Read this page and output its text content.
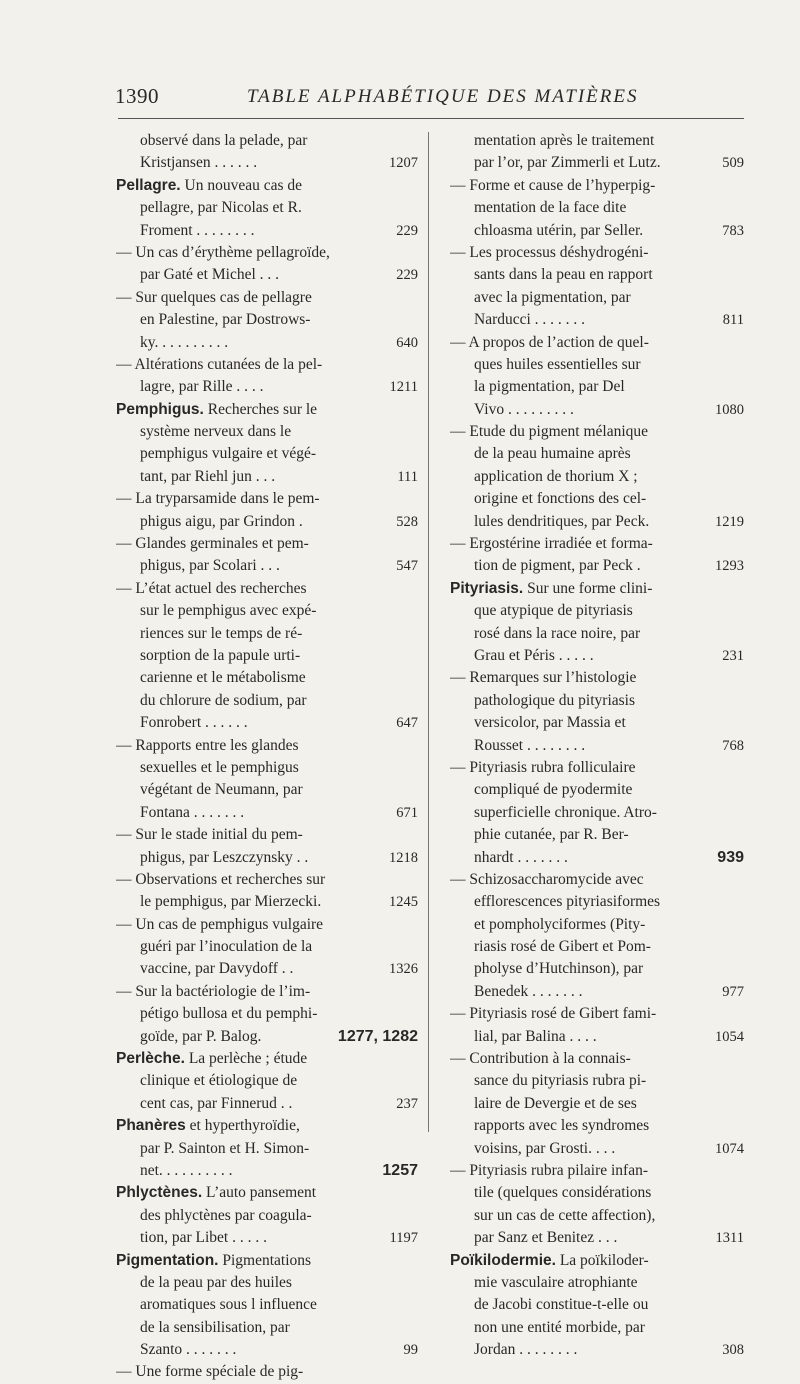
1390	TABLE ALPHABÉTIQUE DES MATIÈRES
observé dans la pelade, par
Kristjansen . . . . . .	1207
Pellagre. Un nouveau cas de
pellagre, par Nicolas et R.
Froment . . . . . . . .	229
— Un cas d’érythème pellagroïde,
par Gaté et Michel . . .	229
— Sur quelques cas de pellagre
en Palestine, par Dostrows-
ky. . . . . . . . . .	640
— Altérations cutanées de la pel-
lagre, par Rille . . . .	1211
Pemphigus. Recherches sur le
système nerveux dans le
pemphigus vulgaire et végé-
tant, par Riehl jun . . .	111
— La tryparsamide dans le pem-
phigus aigu, par Grindon .	528
— Glandes germinales et pem-
phigus, par Scolari . . .	547
— L’état actuel des recherches
sur le pemphigus avec expé-
riences sur le temps de ré-
sorption de la papule urti-
carienne et le métabolisme
du chlorure de sodium, par
Fonrobert . . . . . .	647
— Rapports entre les glandes
sexuelles et le pemphigus
végétant de Neumann, par
Fontana . . . . . . .	671
— Sur le stade initial du pem-
phigus, par Leszczynsky . .	1218
— Observations et recherches sur
le pemphigus, par Mierzecki.	1245
— Un cas de pemphigus vulgaire
guéri par l’inoculation de la
vaccine, par Davydoff . .	1326
— Sur la bactériologie de l’im-
pétigo bullosa et du pemphi-
goïde, par P. Balog.	1277, 1282
Perlèche. La perlèche ; étude
clinique et étiologique de
cent cas, par Finnerud . .	237
Phanères et hyperthyroïdie,
par P. Sainton et H. Simon-
net. . . . . . . . . .	1257
Phlyctènes. L’auto pansement
des phlyctènes par coagula-
tion, par Libet . . . . .	1197
Pigmentation. Pigmentations
de la peau par des huiles
aromatiques sous l influence
de la sensibilisation, par
Szanto . . . . . . .	99
— Une forme spéciale de pig-
mentation après le traitement
par l’or, par Zimmerli et Lutz.	509
— Forme et cause de l’hyperpig-
mentation de la face dite
chloasma utérin, par Seller.	783
— Les processus déshydrogéni-
sants dans la peau en rapport
avec la pigmentation, par
Narducci . . . . . . .	811
— A propos de l’action de quel-
ques huiles essentielles sur
la pigmentation, par Del
Vivo . . . . . . . . .	1080
— Etude du pigment mélanique
de la peau humaine après
application de thorium X ;
origine et fonctions des cel-
lules dendritiques, par Peck.	1219
— Ergostérine irradiée et forma-
tion de pigment, par Peck .	1293
Pityriasis. Sur une forme clini-
que atypique de pityriasis
rosé dans la race noire, par
Grau et Péris . . . . .	231
— Remarques sur l’histologie
pathologique du pityriasis
versicolor, par Massia et
Rousset . . . . . . . .	768
— Pityriasis rubra folliculaire
compliqué de pyodermite
superficielle chronique. Atro-
phie cutanée, par R. Ber-
nhardt . . . . . . .	939
— Schizosaccharomycide avec
efflorescences pityriasiformes
et pompholyciformes (Pity-
riasis rosé de Gibert et Pom-
pholyse d’Hutchinson), par
Benedek . . . . . . .	977
— Pityriasis rosé de Gibert fami-
lial, par Balina . . . .	1054
— Contribution à la connais-
sance du pityriasis rubra pi-
laire de Devergie et de ses
rapports avec les syndromes
voisins, par Grosti. . . .	1074
— Pityriasis rubra pilaire infan-
tile (quelques considérations
sur un cas de cette affection),
par Sanz et Benitez . . .	1311
Poïkilodermie. La poïkiloder-
mie vasculaire atrophiante
de Jacobi constitue-t-elle ou
non une entité morbide, par
Jordan . . . . . . . .	308
